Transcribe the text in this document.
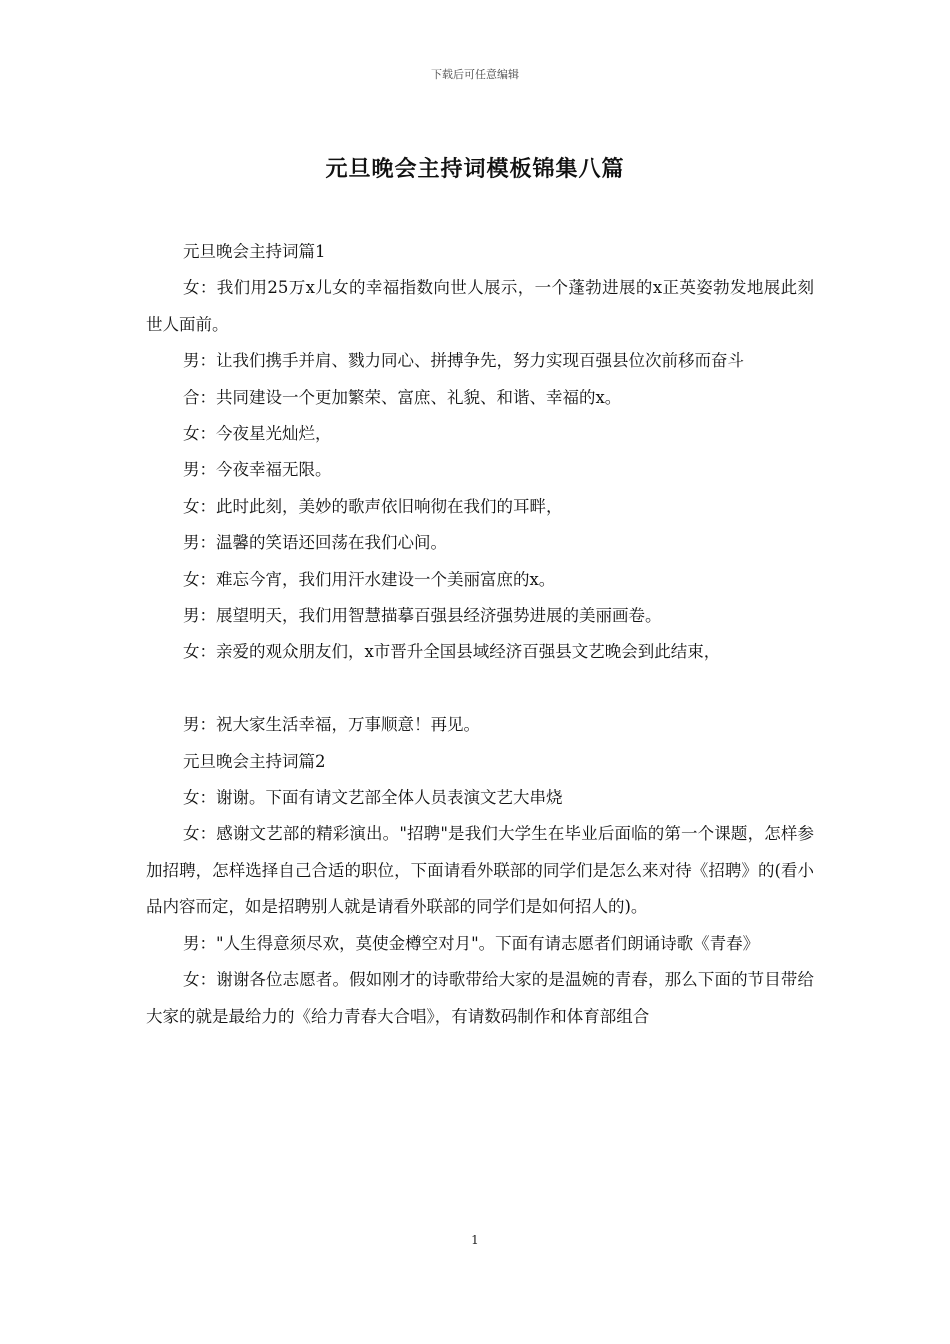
下载后可任意编辑
元旦晚会主持词模板锦集八篇

元旦晚会主持词篇1

女：我们用25万x儿女的幸福指数向世人展示，一个蓬勃进展的x正英姿勃发地展此刻世人面前。

男：让我们携手并肩、戮力同心、拼搏争先，努力实现百强县位次前移而奋斗

合：共同建设一个更加繁荣、富庶、礼貌、和谐、幸福的x。

女：今夜星光灿烂，

男：今夜幸福无限。

女：此时此刻，美妙的歌声依旧响彻在我们的耳畔，

男：温馨的笑语还回荡在我们心间。

女：难忘今宵，我们用汗水建设一个美丽富庶的x。

男：展望明天，我们用智慧描摹百强县经济强势进展的美丽画卷。

女：亲爱的观众朋友们，x市晋升全国县域经济百强县文艺晚会到此结束，

男：祝大家生活幸福，万事顺意！再见。

元旦晚会主持词篇2

女：谢谢。下面有请文艺部全体人员表演文艺大串烧

女：感谢文艺部的精彩演出。"招聘"是我们大学生在毕业后面临的第一个课题，怎样参加招聘，怎样选择自己合适的职位，下面请看外联部的同学们是怎么来对待《招聘》的(看小品内容而定，如是招聘别人就是请看外联部的同学们是如何招人的)。

男："人生得意须尽欢，莫使金樽空对月"。下面有请志愿者们朗诵诗歌《青春》

女：谢谢各位志愿者。假如刚才的诗歌带给大家的是温婉的青春，那么下面的节目带给大家的就是最给力的《给力青春大合唱》，有请数码制作和体育部组合

1
